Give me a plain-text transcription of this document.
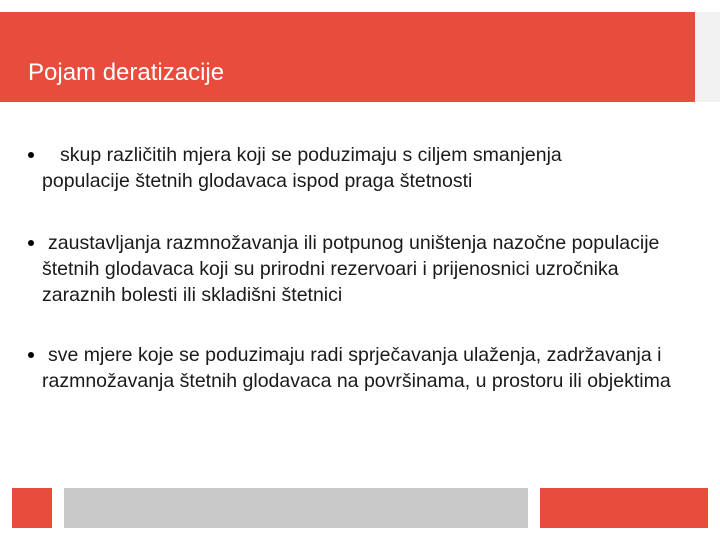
Pojam deratizacije
skup različitih mjera koji se poduzimaju s ciljem smanjenja populacije štetnih glodavaca ispod praga štetnosti
zaustavljanja razmnožavanja ili potpunog uništenja nazočne populacije štetnih glodavaca koji su prirodni rezervoari i prijenosnici uzročnika zaraznih bolesti ili skladišni štetnici
sve mjere koje se poduzimaju radi sprječavanja ulaženja, zadržavanja i razmnožavanja štetnih glodavaca na površinama, u prostoru ili objektima
